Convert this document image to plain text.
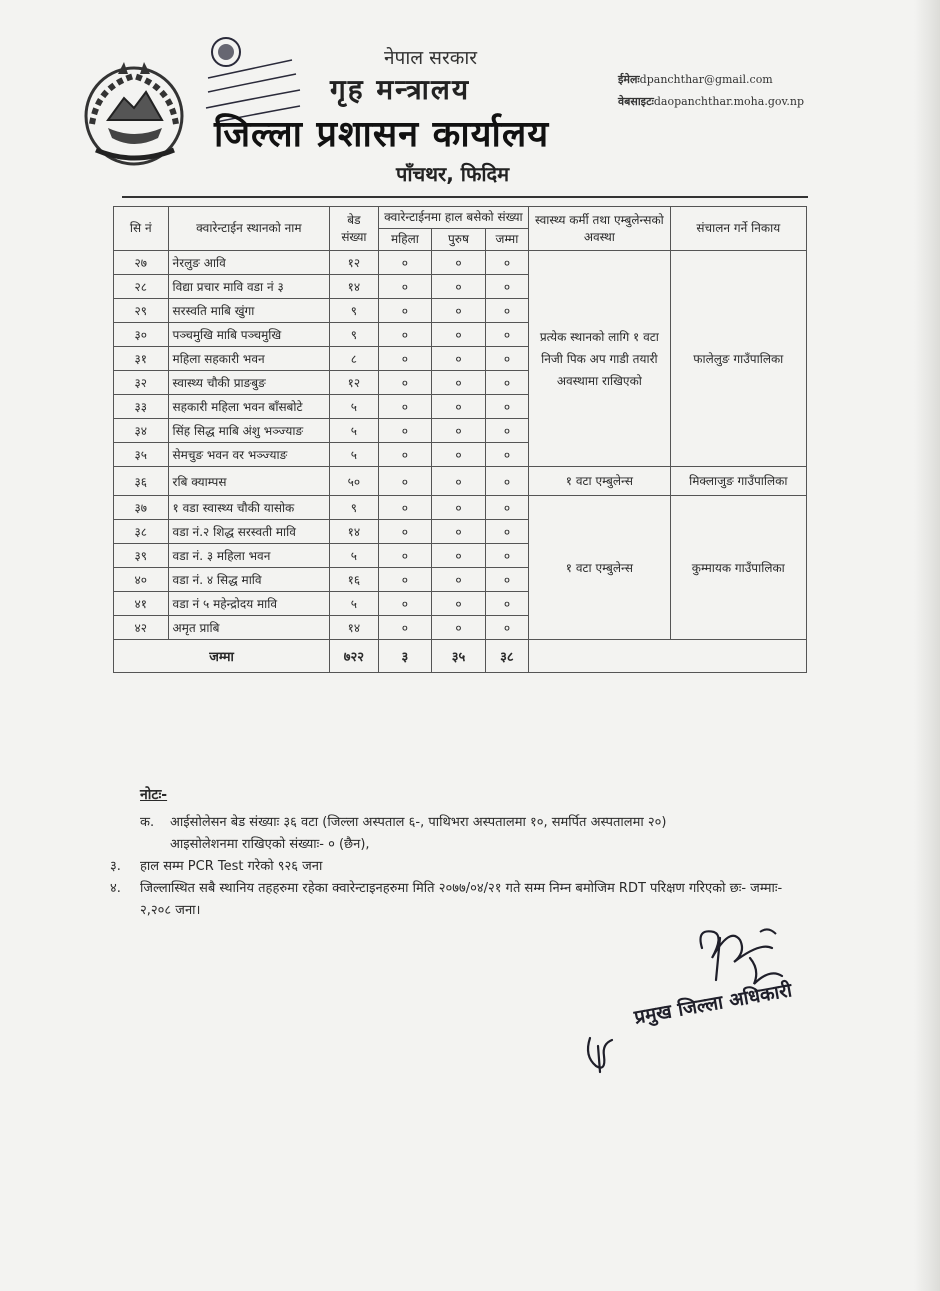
नेपाल सरकार
गृह मन्त्रालय
जिल्ला प्रशासन कार्यालय
पाँचथर, फिदिम
ईमेलःdpanchthar@gmail.com
वेबसाइटःdaopanchthar.moha.gov.np
सि नं	क्वारेन्टाईन स्थानको नाम	बेड संख्या	क्वारेन्टाईनमा हाल बसेको संख्या			स्वास्थ्य कर्मी तथा एम्बुलेन्सको अवस्था	संचालन गर्ने निकाय
			महिला	पुरुष	जम्मा		
२७	नेरलुङ आवि	१२	०	०	०	प्रत्येक स्थानको लागि १ वटा निजी पिक अप गाडी तयारी अवस्थामा राखिएको	फालेलुङ गाउँपालिका
२८	विद्या प्रचार मावि वडा नं ३	१४	०	०	०		
२९	सरस्वति माबि खुंगा	९	०	०	०		
३०	पञ्चमुखि माबि पञ्चमुखि	९	०	०	०		
३१	महिला सहकारी भवन	८	०	०	०		
३२	स्वास्थ्य चौकी प्राङबुङ	१२	०	०	०		
३३	सहकारी महिला भवन बाँसबोटे	५	०	०	०		
३४	सिंह सिद्ध माबि अंशु भञ्ज्याङ	५	०	०	०		
३५	सेमचुङ भवन वर भञ्ज्याङ	५	०	०	०		
३६	रबि क्याम्पस	५०	०	०	०	१ वटा एम्बुलेन्स	मिक्लाजुङ गाउँपालिका
३७	१ वडा स्वास्थ्य चौकी यासोक	९	०	०	०	१ वटा एम्बुलेन्स	कुम्मायक गाउँपालिका
३८	वडा नं.२ शिद्ध सरस्वती मावि	१४	०	०	०		
३९	वडा नं. ३ महिला भवन	५	०	०	०		
४०	वडा नं. ४ सिद्ध मावि	१६	०	०	०		
४१	वडा नं ५ महेन्द्रोदय मावि	५	०	०	०		
४२	अमृत प्राबि	१४	०	०	०		
जम्मा		७२२	३	३५	३८		
नोटः-
क.	आईसोलेसन बेड संख्याः ३६ वटा (जिल्ला अस्पताल ६-, पाथिभरा अस्पतालमा १०, समर्पित अस्पतालमा २०)
आइसोलेशनमा राखिएको संख्याः- ० (छैन),
३.	हाल सम्म PCR Test गरेको ९२६ जना
४.	जिल्लास्थित सबै स्थानिय तहहरुमा रहेका क्वारेन्टाइनहरुमा मिति २०७७/०४/२१ गते सम्म निम्न बमोजिम RDT परिक्षण गरिएको छः- जम्माः- २,२०८ जना।
प्रमुख जिल्ला अधिकारी
